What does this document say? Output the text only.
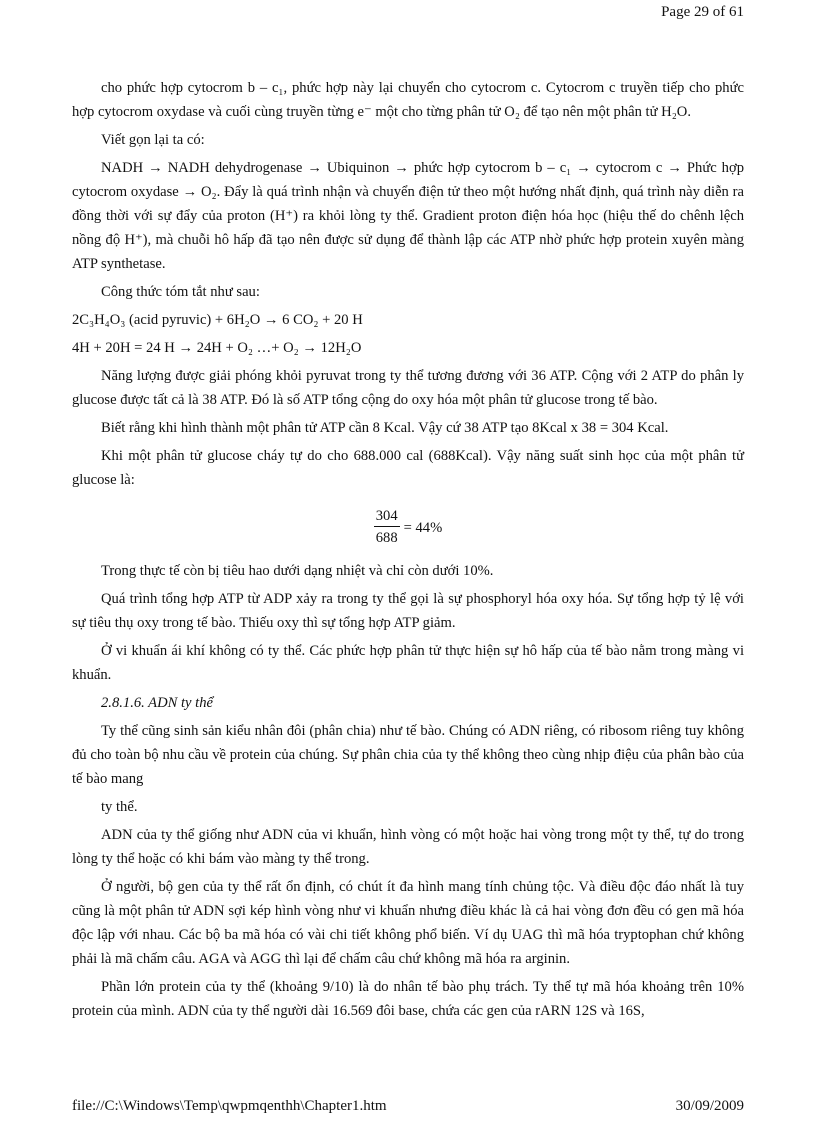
Page 29 of 61

cho phức hợp cytocrom b – c₁, phức hợp này lại chuyển cho cytocrom c. Cytocrom c truyền tiếp cho phức hợp cytocrom oxydase và cuối cùng truyền từng e⁻ một cho từng phân tử O₂ để tạo nên một phân tử H₂O.

Viết gọn lại ta có:

NADH → NADH dehydrogenase → Ubiquinon → phức hợp cytocrom b – c₁ → cytocrom c → Phức hợp cytocrom oxydase → O₂. Đẩy là quá trình nhận và chuyển điện tử theo một hướng nhất định, quá trình này diễn ra đồng thời với sự đẩy của proton (H⁺) ra khỏi lòng ty thể. Gradient proton điện hóa học (hiệu thế do chênh lệch nồng độ H⁺), mà chuỗi hô hấp đã tạo nên được sử dụng để thành lập các ATP nhờ phức hợp protein xuyên màng ATP synthetase.

Công thức tóm tắt như sau:

2C₃H₄O₃ (acid pyruvic) + 6H₂O → 6 CO₂ + 20 H

4H + 20H = 24 H → 24H + O₂ …+ O₂ → 12H₂O

Năng lượng được giải phóng khỏi pyruvat trong ty thể tương đương với 36 ATP. Cộng với 2 ATP do phân ly glucose được tất cả là 38 ATP. Đó là số ATP tổng cộng do oxy hóa một phân tử glucose trong tế bào.

Biết rằng khi hình thành một phân tử ATP cần 8 Kcal. Vậy cứ 38 ATP tạo 8Kcal x 38 = 304 Kcal.

Khi một phân tử glucose cháy tự do cho 688.000 cal (688Kcal). Vậy năng suất sinh học của một phân tử glucose là:

$\frac{304}{688} = 44\%$

Trong thực tế còn bị tiêu hao dưới dạng nhiệt và chỉ còn dưới 10%.

Quá trình tổng hợp ATP từ ADP xảy ra trong ty thể gọi là sự phosphoryl hóa oxy hóa. Sự tổng hợp tỷ lệ với sự tiêu thụ oxy trong tế bào. Thiếu oxy thì sự tổng hợp ATP giảm.

Ở vi khuẩn ái khí không có ty thể. Các phức hợp phân tử thực hiện sự hô hấp của tế bào nằm trong màng vi khuẩn.

2.8.1.6. ADN ty thể

Ty thể cũng sinh sản kiểu nhân đôi (phân chia) như tế bào. Chúng có ADN riêng, có ribosom riêng tuy không đủ cho toàn bộ nhu cầu về protein của chúng. Sự phân chia của ty thể không theo cùng nhịp điệu của phân bào của tế bào mang

ty thể.

ADN của ty thể giống như ADN của vi khuẩn, hình vòng có một hoặc hai vòng trong một ty thể, tự do trong lòng ty thể hoặc có khi bám vào màng ty thể trong.

Ở người, bộ gen của ty thể rất ổn định, có chút ít đa hình mang tính chủng tộc. Và điều độc đáo nhất là tuy cũng là một phân tử ADN sợi kép hình vòng như vi khuẩn nhưng điều khác là cả hai vòng đơn đều có gen mã hóa độc lập với nhau. Các bộ ba mã hóa có vài chi tiết không phổ biến. Ví dụ UAG thì mã hóa tryptophan chứ không phải là mã chấm câu. AGA và AGG thì lại để chấm câu chứ không mã hóa ra arginin.

Phần lớn protein của ty thể (khoảng 9/10) là do nhân tế bào phụ trách. Ty thể tự mã hóa khoảng trên 10% protein của mình. ADN của ty thể người dài 16.569 đôi base, chứa các gen của rARN 12S và 16S,

file://C:\Windows\Temp\qwpmqenthh\Chapter1.htm	30/09/2009
